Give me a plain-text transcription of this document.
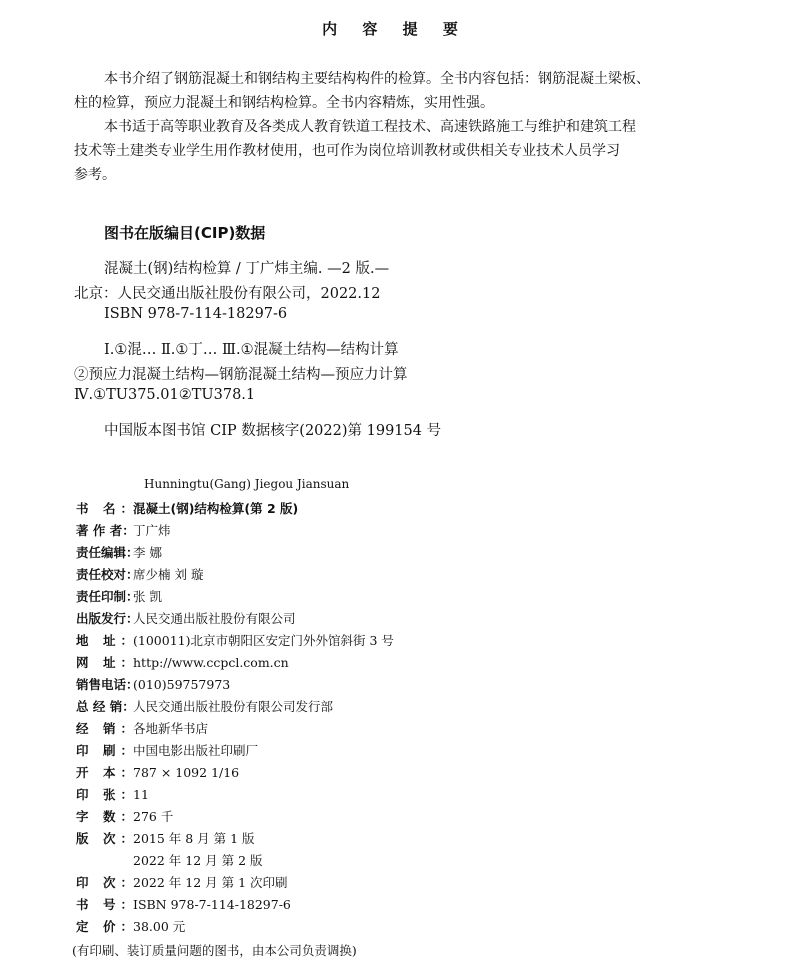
内 容 提 要
本书介绍了钢筋混凝土和钢结构主要结构构件的检算。全书内容包括：钢筋混凝土梁板、
柱的检算，预应力混凝土和钢结构检算。全书内容精炼，实用性强。
本书适于高等职业教育及各类成人教育铁道工程技术、高速铁路施工与维护和建筑工程
技术等土建类专业学生用作教材使用，也可作为岗位培训教材或供相关专业技术人员学习
参考。
图书在版编目(CIP)数据
混凝土(钢)结构检算 / 丁广炜主编. —2 版.—
北京：人民交通出版社股份有限公司，2022.12
ISBN 978-7-114-18297-6
Ⅰ.①混… Ⅱ.①丁… Ⅲ.①混凝土结构—结构计算
②预应力混凝土结构—钢筋混凝土结构—预应力计算
Ⅳ.①TU375.01②TU378.1
中国版本图书馆 CIP 数据核字(2022)第 199154 号
Hunningtu(Gang) Jiegou Jiansuan
书 名：混凝土(钢)结构检算(第 2 版)
著 作 者：丁广炜
责任编辑：李 娜
责任校对：席少楠 刘 璇
责任印制：张 凯
出版发行：人民交通出版社股份有限公司
地 址：(100011)北京市朝阳区安定门外外馆斜街 3 号
网 址：http://www.ccpcl.com.cn
销售电话：(010)59757973
总 经 销：人民交通出版社股份有限公司发行部
经 销：各地新华书店
印 刷：中国电影出版社印刷厂
开 本：787 × 1092 1/16
印 张：11
字 数：276 千
版 次：2015 年 8 月 第 1 版
2022 年 12 月 第 2 版
印 次：2022 年 12 月 第 1 次印刷
书 号：ISBN 978-7-114-18297-6
定 价：38.00 元
(有印刷、装订质量问题的图书，由本公司负责调换)
